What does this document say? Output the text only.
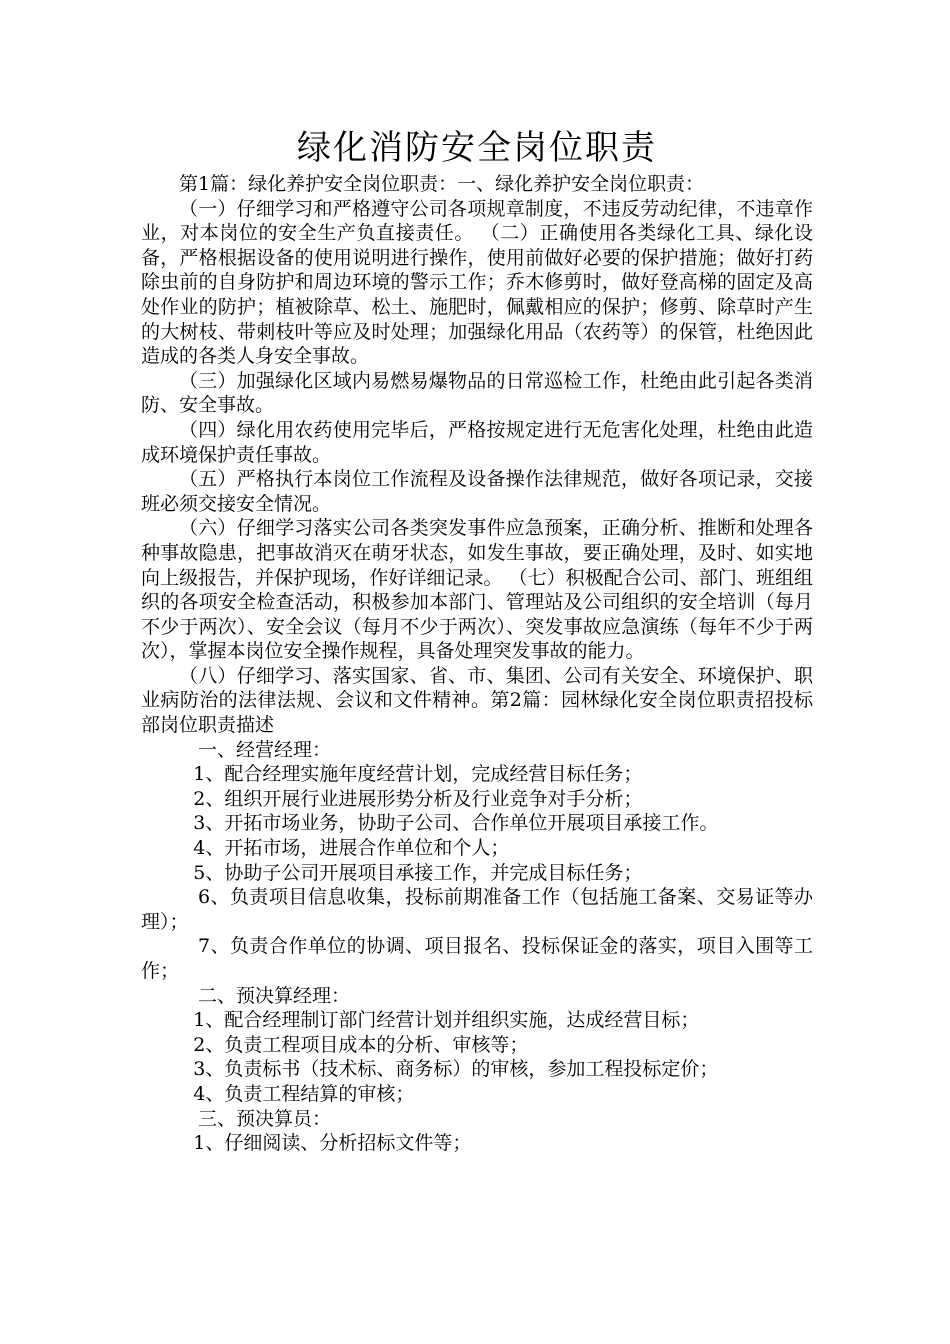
绿化消防安全岗位职责

第1篇：绿化养护安全岗位职责：一、绿化养护安全岗位职责：

（一）仔细学习和严格遵守公司各项规章制度，不违反劳动纪律，不违章作业，对本岗位的安全生产负直接责任。 （二）正确使用各类绿化工具、绿化设备，严格根据设备的使用说明进行操作，使用前做好必要的保护措施；做好打药除虫前的自身防护和周边环境的警示工作；乔木修剪时，做好登高梯的固定及高处作业的防护；植被除草、松土、施肥时，佩戴相应的保护；修剪、除草时产生的大树枝、带刺枝叶等应及时处理；加强绿化用品（农药等）的保管，杜绝因此造成的各类人身安全事故。

（三）加强绿化区域内易燃易爆物品的日常巡检工作，杜绝由此引起各类消防、安全事故。

（四）绿化用农药使用完毕后，严格按规定进行无危害化处理，杜绝由此造成环境保护责任事故。

（五）严格执行本岗位工作流程及设备操作法律规范，做好各项记录，交接班必须交接安全情况。

（六）仔细学习落实公司各类突发事件应急预案，正确分析、推断和处理各种事故隐患，把事故消灭在萌牙状态，如发生事故，要正确处理，及时、如实地向上级报告，并保护现场，作好详细记录。 （七）积极配合公司、部门、班组组织的各项安全检查活动，积极参加本部门、管理站及公司组织的安全培训（每月不少于两次）、安全会议（每月不少于两次）、突发事故应急演练（每年不少于两次），掌握本岗位安全操作规程，具备处理突发事故的能力。

（八）仔细学习、落实国家、省、市、集团、公司有关安全、环境保护、职业病防治的法律法规、会议和文件精神。第2篇：园林绿化安全岗位职责招投标部岗位职责描述

一、经营经理：

1、配合经理实施年度经营计划，完成经营目标任务；

2、组织开展行业进展形势分析及行业竞争对手分析；

3、开拓市场业务，协助子公司、合作单位开展项目承接工作。

4、开拓市场，进展合作单位和个人；

5、协助子公司开展项目承接工作，并完成目标任务；

6、负责项目信息收集，投标前期准备工作（包括施工备案、交易证等办理）；

7、负责合作单位的协调、项目报名、投标保证金的落实，项目入围等工作；

二、预决算经理：

1、配合经理制订部门经营计划并组织实施，达成经营目标；

2、负责工程项目成本的分析、审核等；

3、负责标书（技术标、商务标）的审核，参加工程投标定价；

4、负责工程结算的审核；

三、预决算员：

1、仔细阅读、分析招标文件等；
